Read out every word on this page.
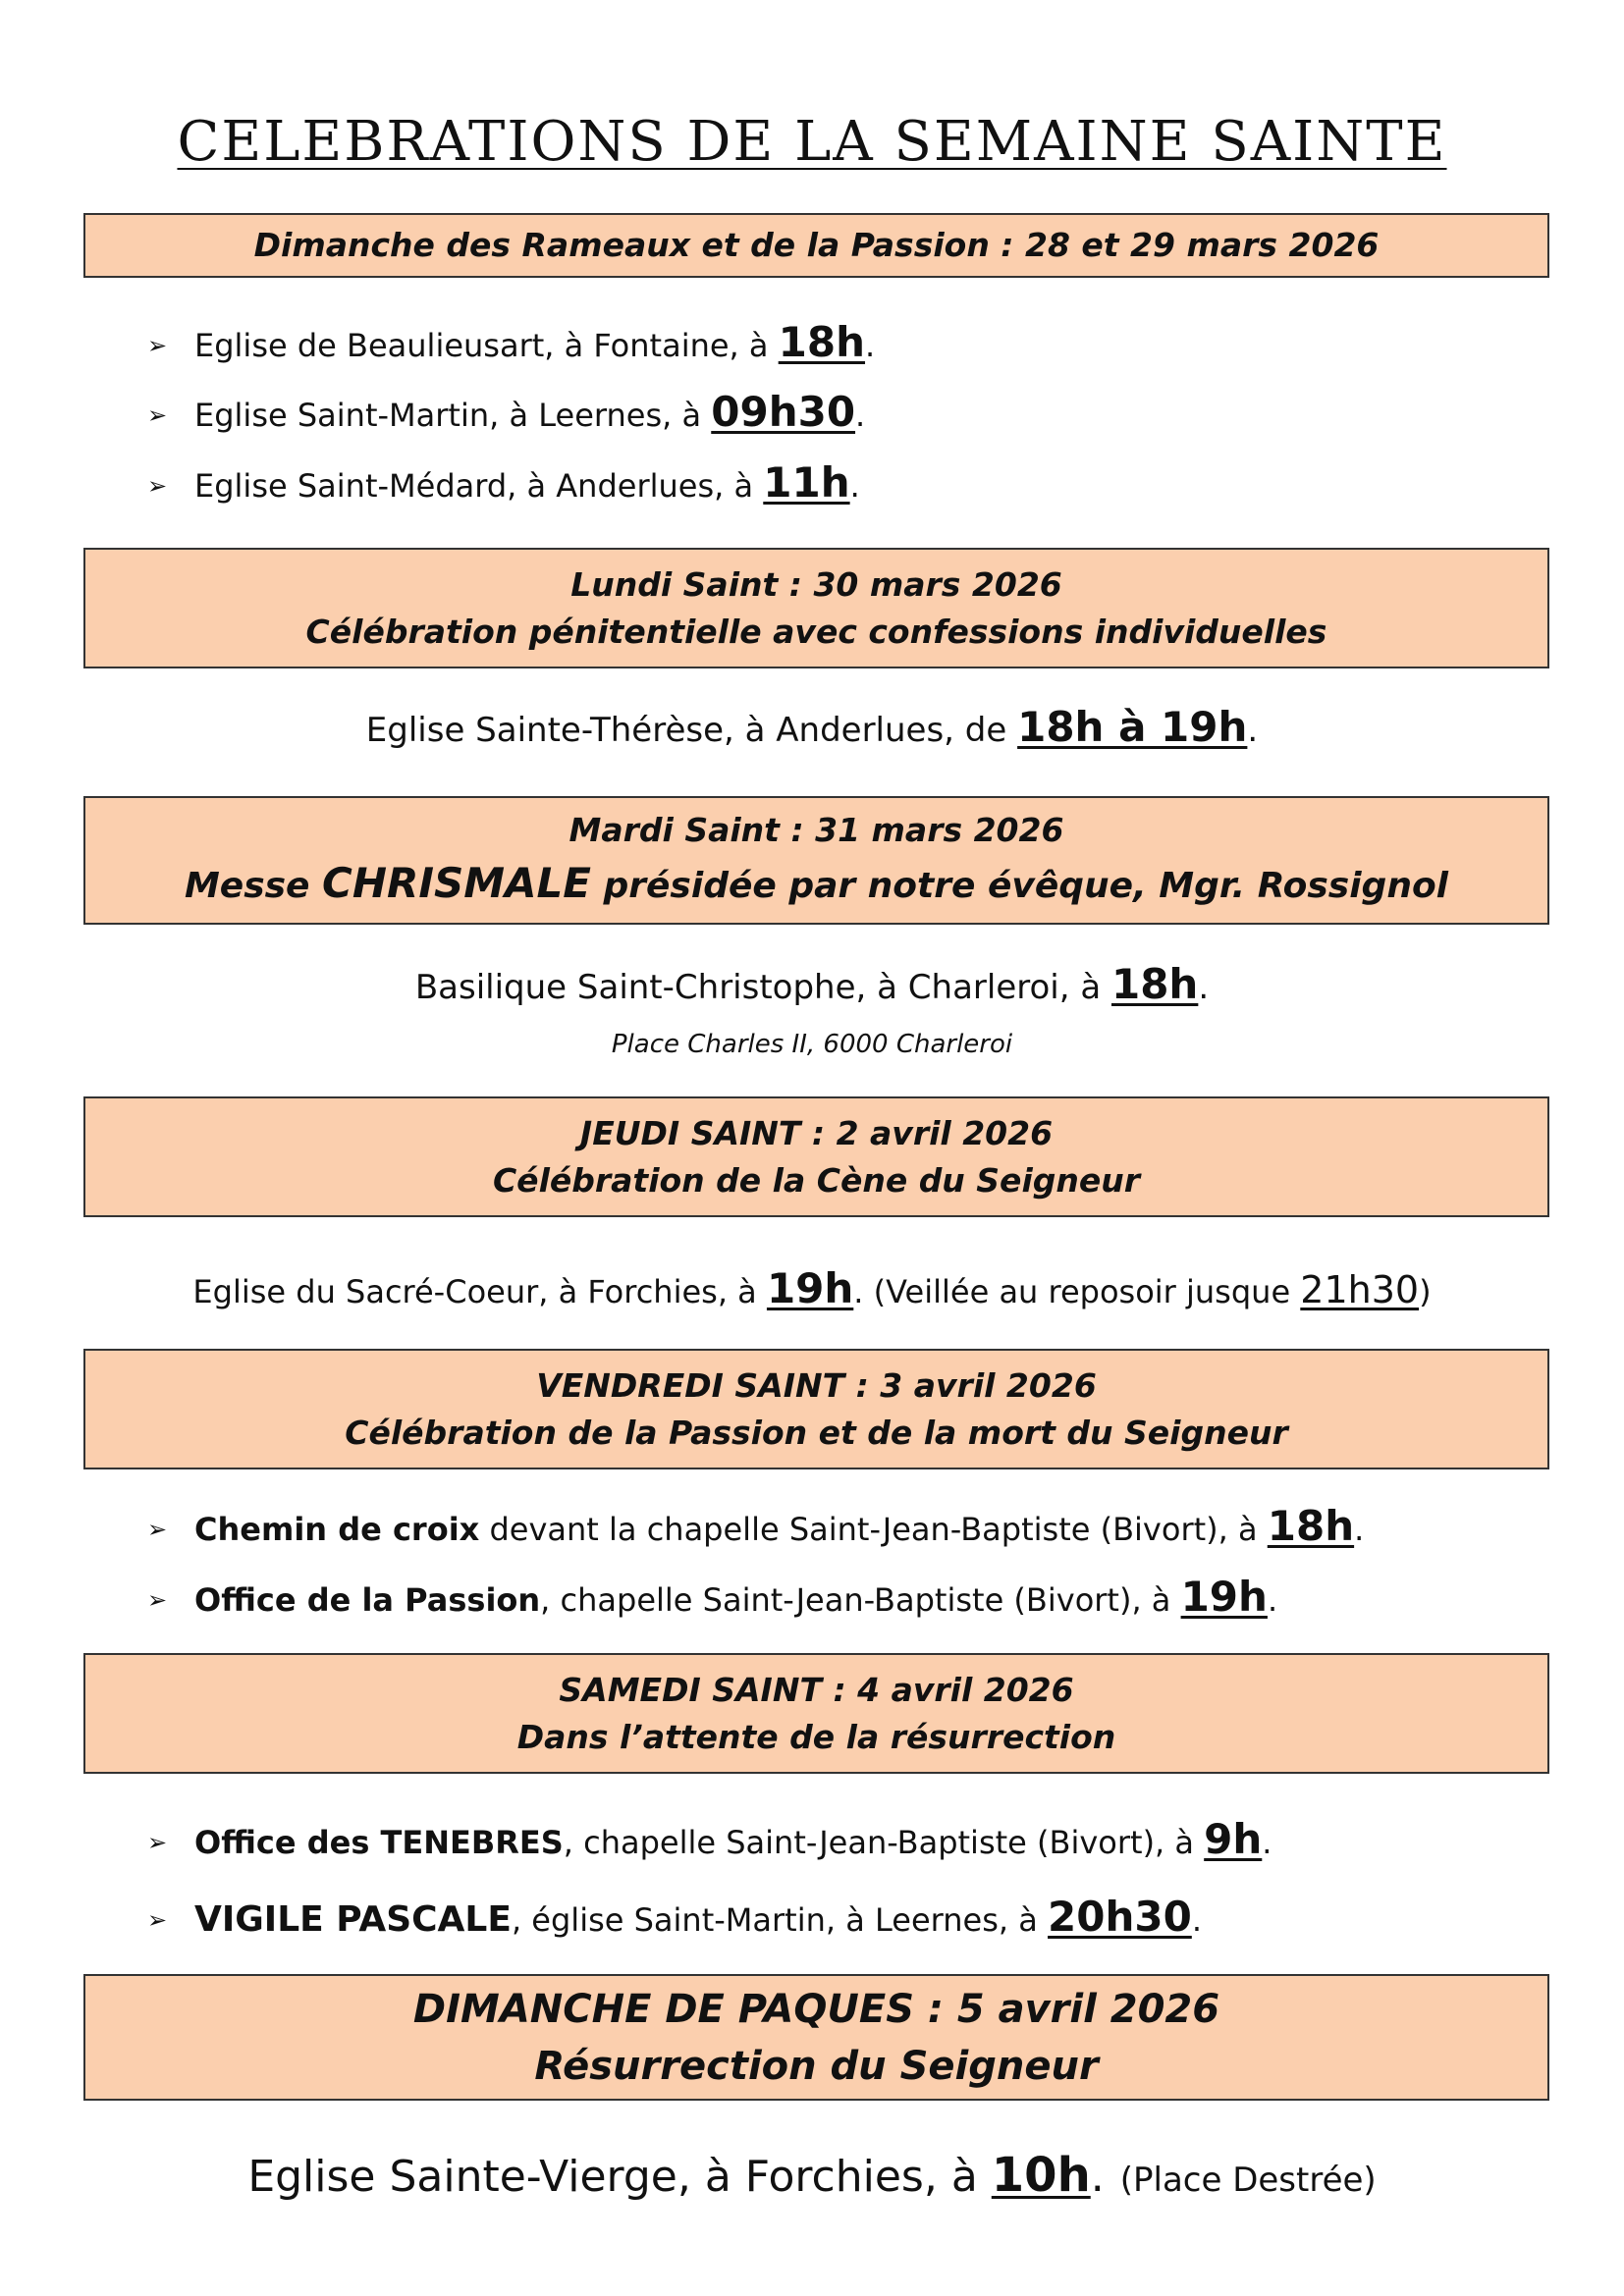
CELEBRATIONS DE LA SEMAINE SAINTE
Dimanche des Rameaux et de la Passion : 28 et 29 mars 2026
➢ Eglise de Beaulieusart, à Fontaine, à 18h.
➢ Eglise Saint-Martin, à Leernes, à 09h30.
➢ Eglise Saint-Médard, à Anderlues, à 11h.
Lundi Saint : 30 mars 2026
Célébration pénitentielle avec confessions individuelles
Eglise Sainte-Thérèse, à Anderlues, de 18h à 19h.
Mardi Saint : 31 mars 2026
Messe CHRISMALE présidée par notre évêque, Mgr. Rossignol
Basilique Saint-Christophe, à Charleroi, à 18h.
Place Charles II, 6000 Charleroi
JEUDI SAINT : 2 avril 2026
Célébration de la Cène du Seigneur
Eglise du Sacré-Coeur, à Forchies, à 19h. (Veillée au reposoir jusque 21h30)
VENDREDI SAINT : 3 avril 2026
Célébration de la Passion et de la mort du Seigneur
➢ Chemin de croix devant la chapelle Saint-Jean-Baptiste (Bivort), à 18h.
➢ Office de la Passion, chapelle Saint-Jean-Baptiste (Bivort), à 19h.
SAMEDI SAINT : 4 avril 2026
Dans l’attente de la résurrection
➢ Office des TENEBRES, chapelle Saint-Jean-Baptiste (Bivort), à 9h.
➢ VIGILE PASCALE, église Saint-Martin, à Leernes, à 20h30.
DIMANCHE DE PAQUES : 5 avril 2026
Résurrection du Seigneur
Eglise Sainte-Vierge, à Forchies, à 10h. (Place Destrée)
